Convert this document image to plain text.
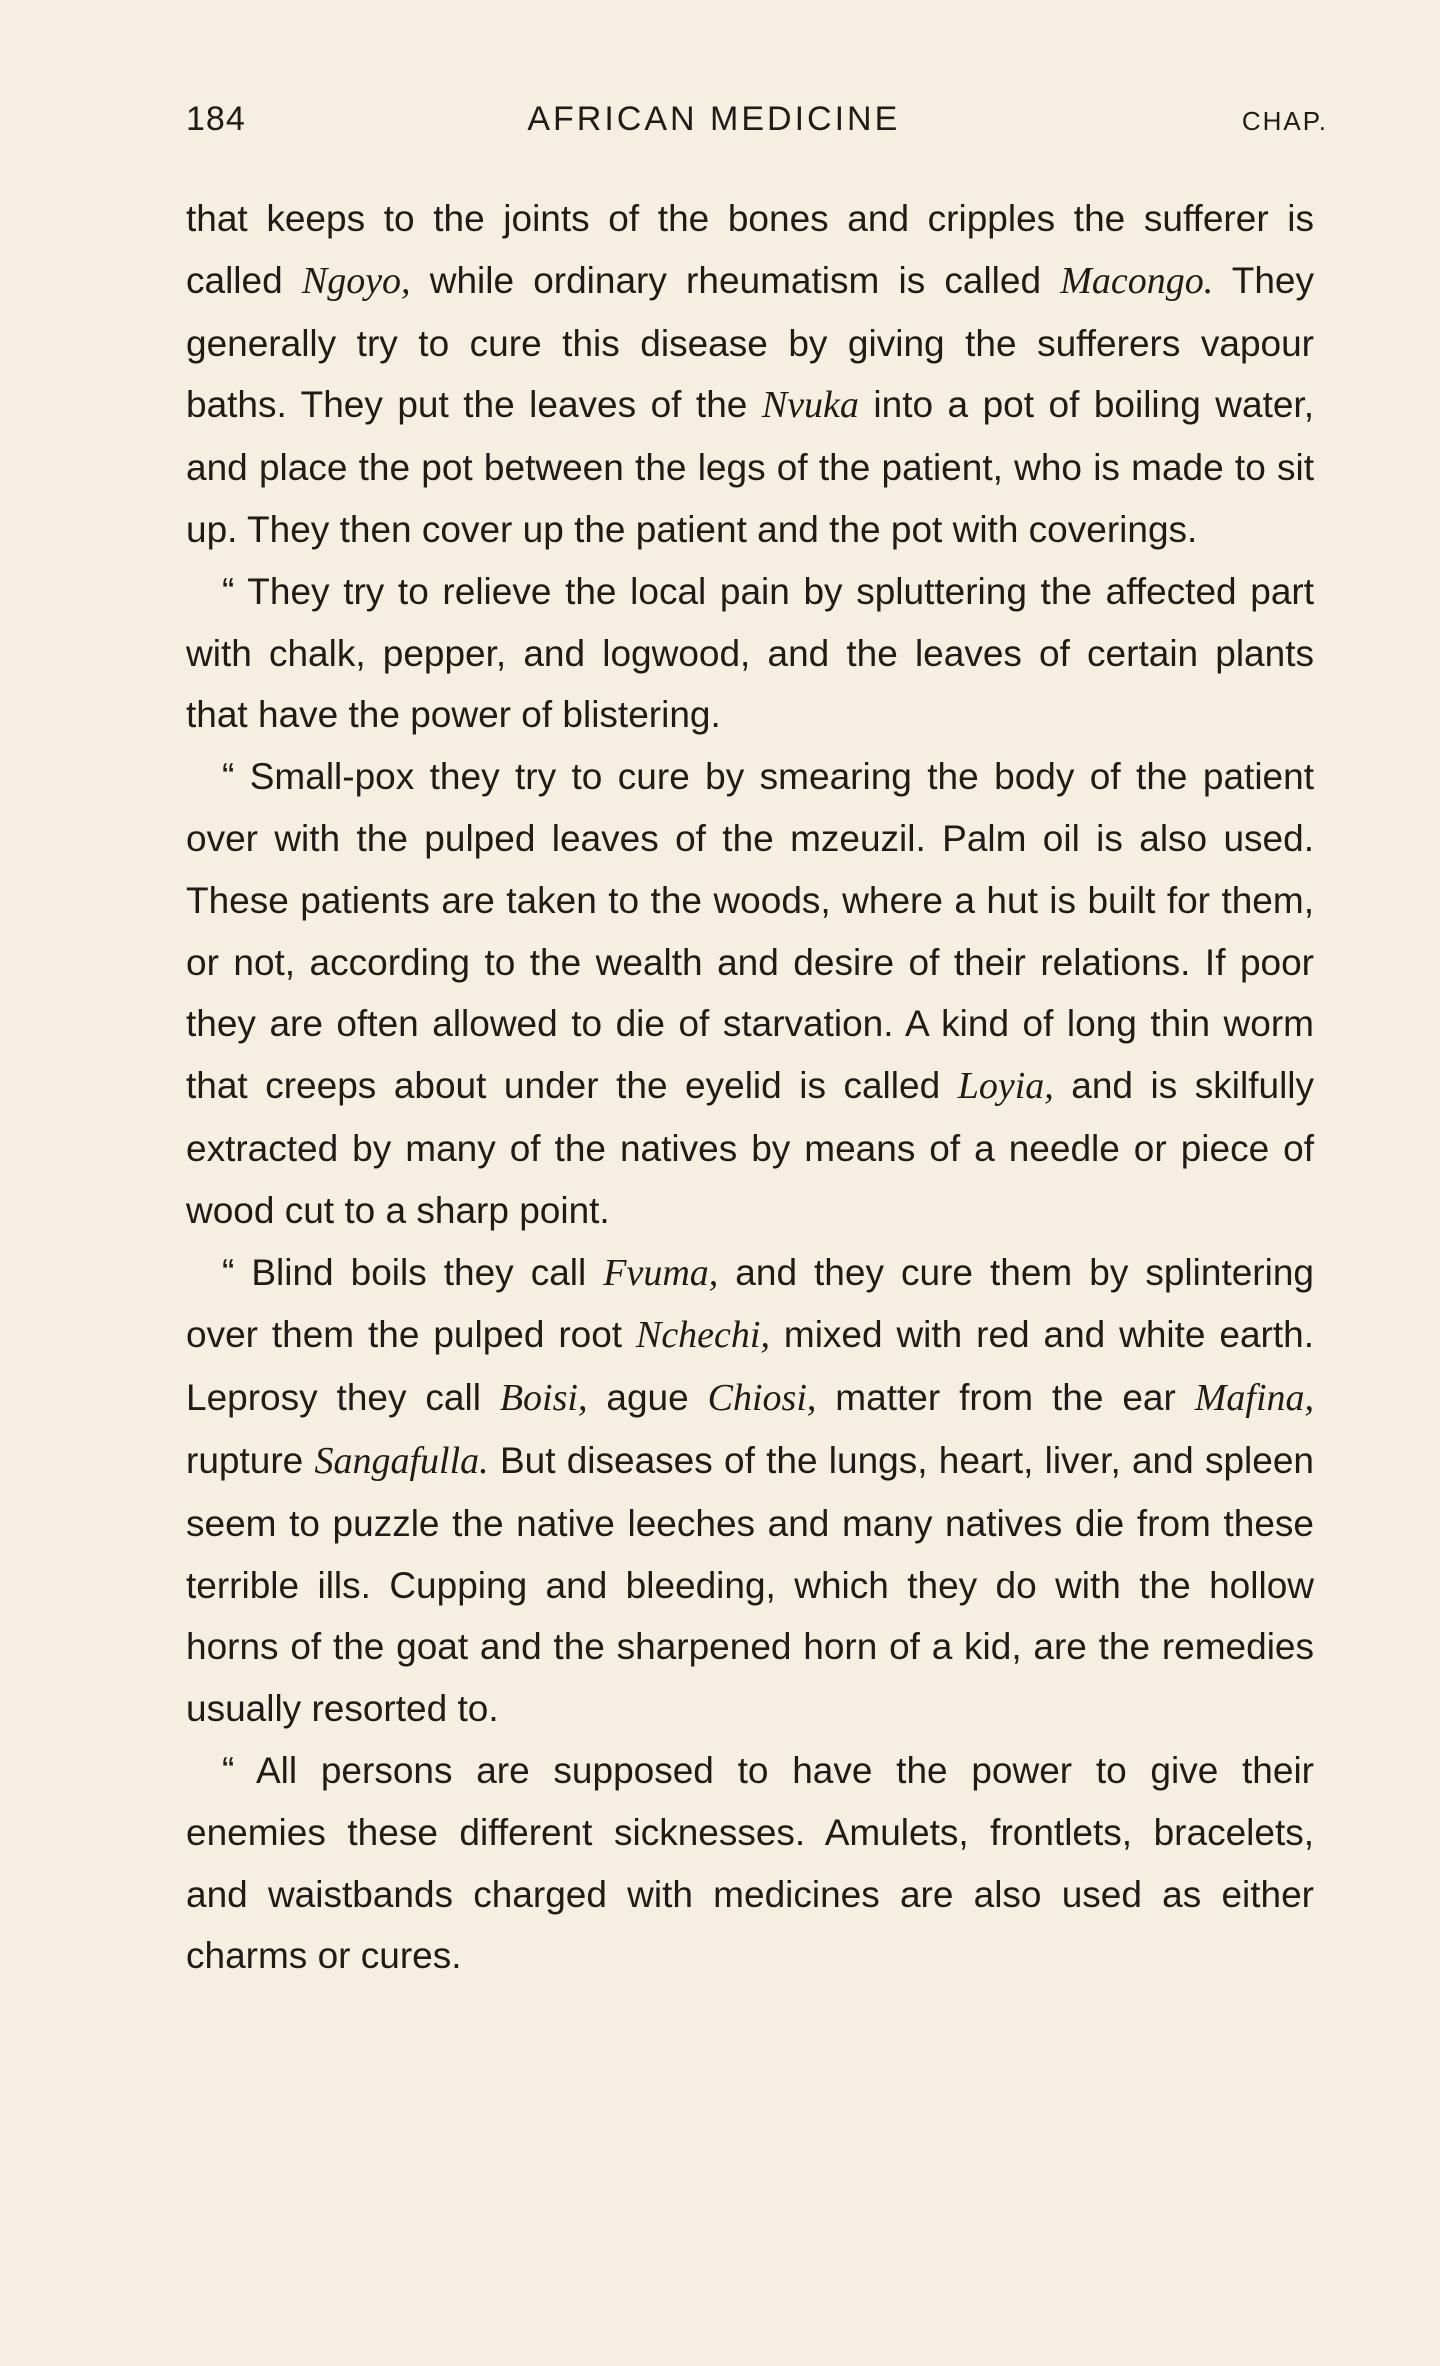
184	AFRICAN MEDICINE	CHAP.

that keeps to the joints of the bones and cripples the sufferer is called Ngoyo, while ordinary rheumatism is called Macongo. They generally try to cure this disease by giving the sufferers vapour baths. They put the leaves of the Nvuka into a pot of boiling water, and place the pot between the legs of the patient, who is made to sit up. They then cover up the patient and the pot with coverings.

“ They try to relieve the local pain by spluttering the affected part with chalk, pepper, and logwood, and the leaves of certain plants that have the power of blistering.

“ Small-pox they try to cure by smearing the body of the patient over with the pulped leaves of the mzeuzil. Palm oil is also used. These patients are taken to the woods, where a hut is built for them, or not, according to the wealth and desire of their relations. If poor they are often allowed to die of starvation. A kind of long thin worm that creeps about under the eyelid is called Loyia, and is skilfully extracted by many of the natives by means of a needle or piece of wood cut to a sharp point.

“ Blind boils they call Fvuma, and they cure them by splintering over them the pulped root Nchechi, mixed with red and white earth. Leprosy they call Boisi, ague Chiosi, matter from the ear Mafina, rupture Sangafulla. But diseases of the lungs, heart, liver, and spleen seem to puzzle the native leeches and many natives die from these terrible ills. Cupping and bleeding, which they do with the hollow horns of the goat and the sharpened horn of a kid, are the remedies usually resorted to.

“ All persons are supposed to have the power to give their enemies these different sicknesses. Amulets, frontlets, bracelets, and waistbands charged with medicines are also used as either charms or cures.
